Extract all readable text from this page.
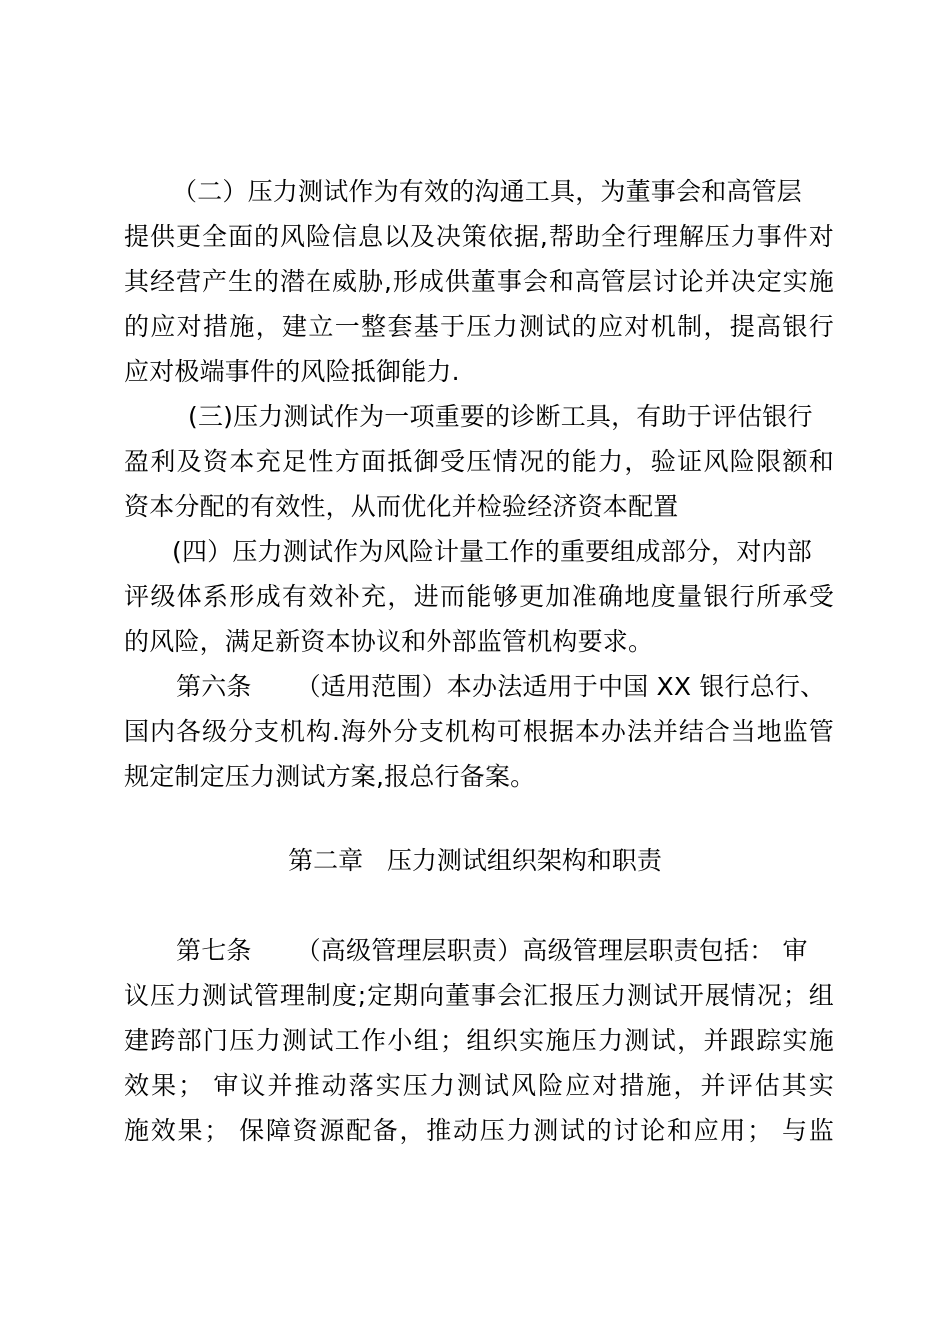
（二）压力测试作为有效的沟通工具，为董事会和高管层
提供更全面的风险信息以及决策依据,帮助全行理解压力事件对
其经营产生的潜在威胁,形成供董事会和高管层讨论并决定实施
的应对措施，建立一整套基于压力测试的应对机制，提高银行
应对极端事件的风险抵御能力.
(三)压力测试作为一项重要的诊断工具，有助于评估银行
盈利及资本充足性方面抵御受压情况的能力，验证风险限额和
资本分配的有效性，从而优化并检验经济资本配置
(四）压力测试作为风险计量工作的重要组成部分，对内部
评级体系形成有效补充，进而能够更加准确地度量银行所承受
的风险，满足新资本协议和外部监管机构要求。
第六条 （适用范围）本办法适用于中国 XX 银行总行、
国内各级分支机构.海外分支机构可根据本办法并结合当地监管
规定制定压力测试方案,报总行备案。
第二章 压力测试组织架构和职责
第七条 （高级管理层职责）高级管理层职责包括： 审
议压力测试管理制度;定期向董事会汇报压力测试开展情况；组
建跨部门压力测试工作小组；组织实施压力测试，并跟踪实施
效果； 审议并推动落实压力测试风险应对措施，并评估其实
施效果； 保障资源配备，推动压力测试的讨论和应用； 与监
